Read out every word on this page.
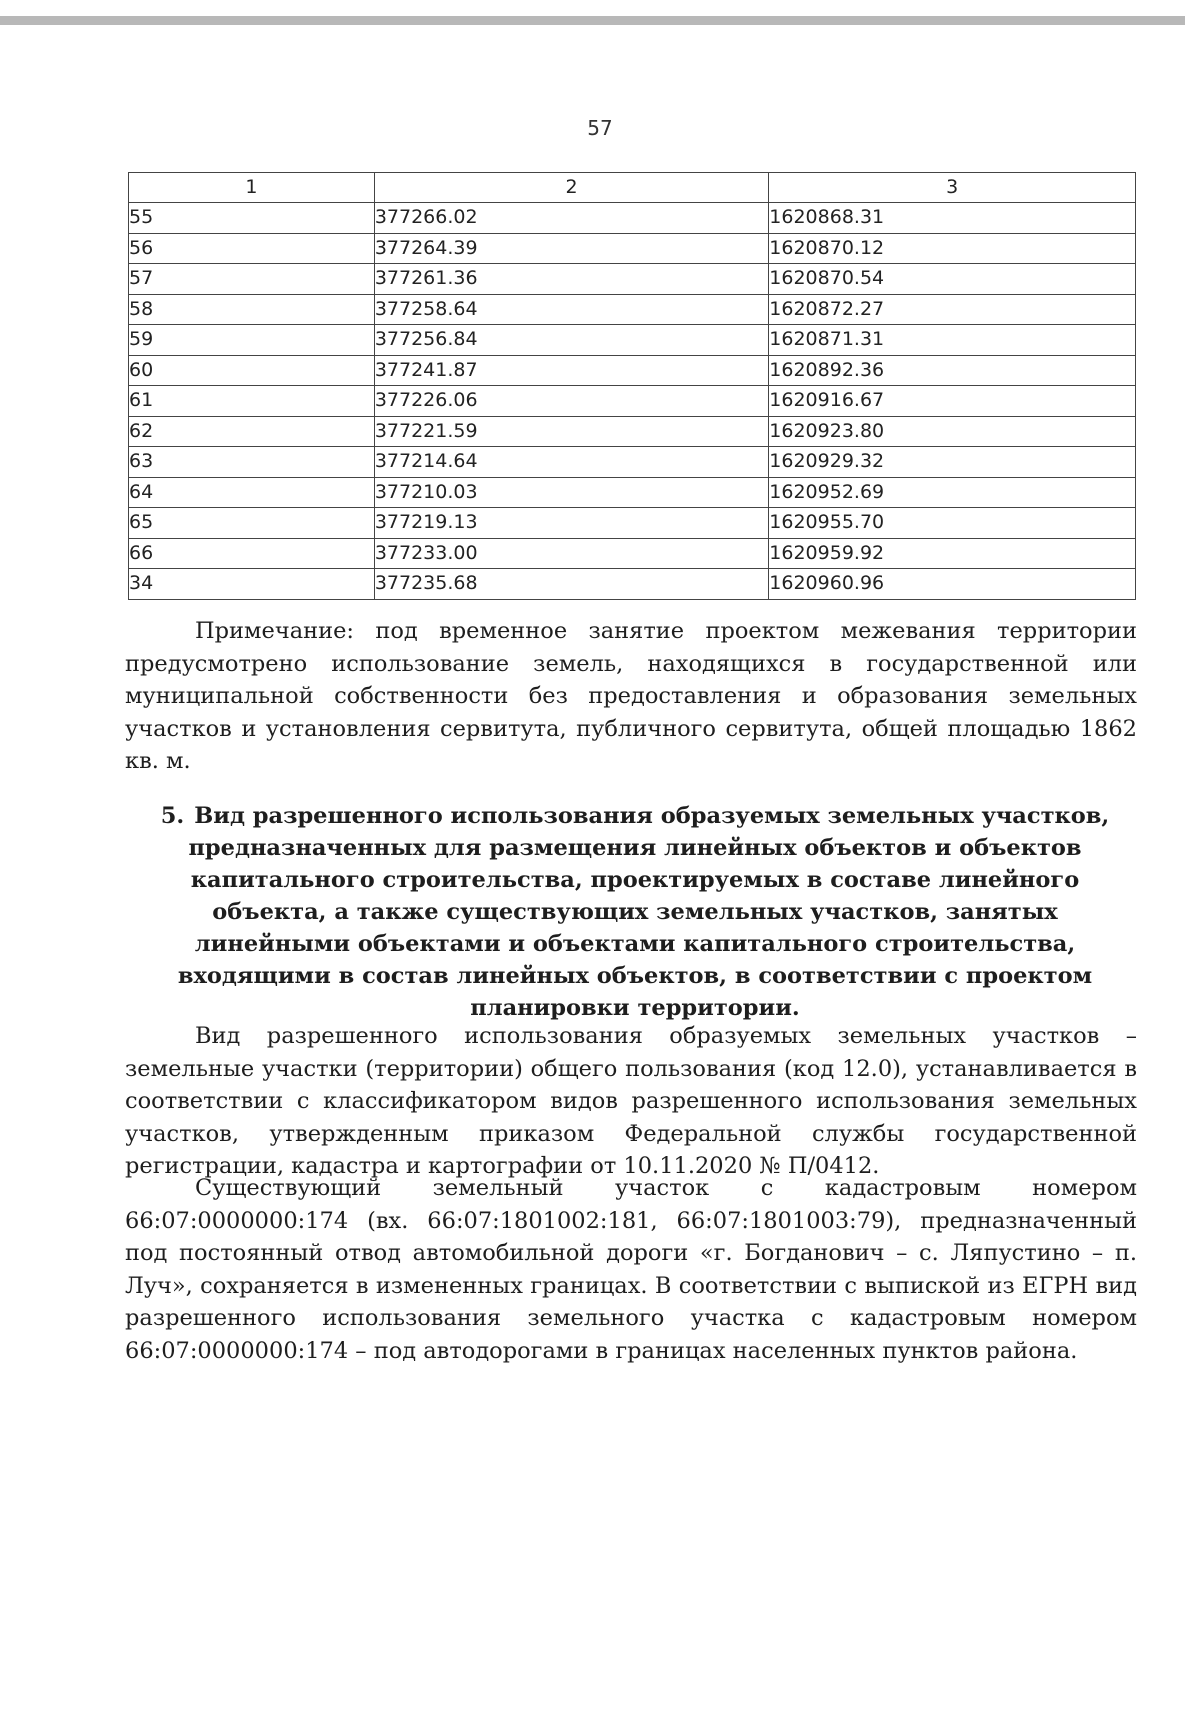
57
1	2	3
55	377266.02	1620868.31
56	377264.39	1620870.12
57	377261.36	1620870.54
58	377258.64	1620872.27
59	377256.84	1620871.31
60	377241.87	1620892.36
61	377226.06	1620916.67
62	377221.59	1620923.80
63	377214.64	1620929.32
64	377210.03	1620952.69
65	377219.13	1620955.70
66	377233.00	1620959.92
34	377235.68	1620960.96

Примечание: под временное занятие проектом межевания территории предусмотрено использование земель, находящихся в государственной или муниципальной собственности без предоставления и образования земельных участков и установления сервитута, публичного сервитута, общей площадью 1862 кв. м.

5. Вид разрешенного использования образуемых земельных участков, предназначенных для размещения линейных объектов и объектов капитального строительства, проектируемых в составе линейного объекта, а также существующих земельных участков, занятых линейными объектами и объектами капитального строительства, входящими в состав линейных объектов, в соответствии с проектом планировки территории.

Вид разрешенного использования образуемых земельных участков – земельные участки (территории) общего пользования (код 12.0), устанавливается в соответствии с классификатором видов разрешенного использования земельных участков, утвержденным приказом Федеральной службы государственной регистрации, кадастра и картографии от 10.11.2020 № П/0412.

Существующий земельный участок с кадастровым номером 66:07:0000000:174 (вх. 66:07:1801002:181, 66:07:1801003:79), предназначенный под постоянный отвод автомобильной дороги «г. Богданович – с. Ляпустино – п. Луч», сохраняется в измененных границах. В соответствии с выпиской из ЕГРН вид разрешенного использования земельного участка с кадастровым номером 66:07:0000000:174 – под автодорогами в границах населенных пунктов района.
